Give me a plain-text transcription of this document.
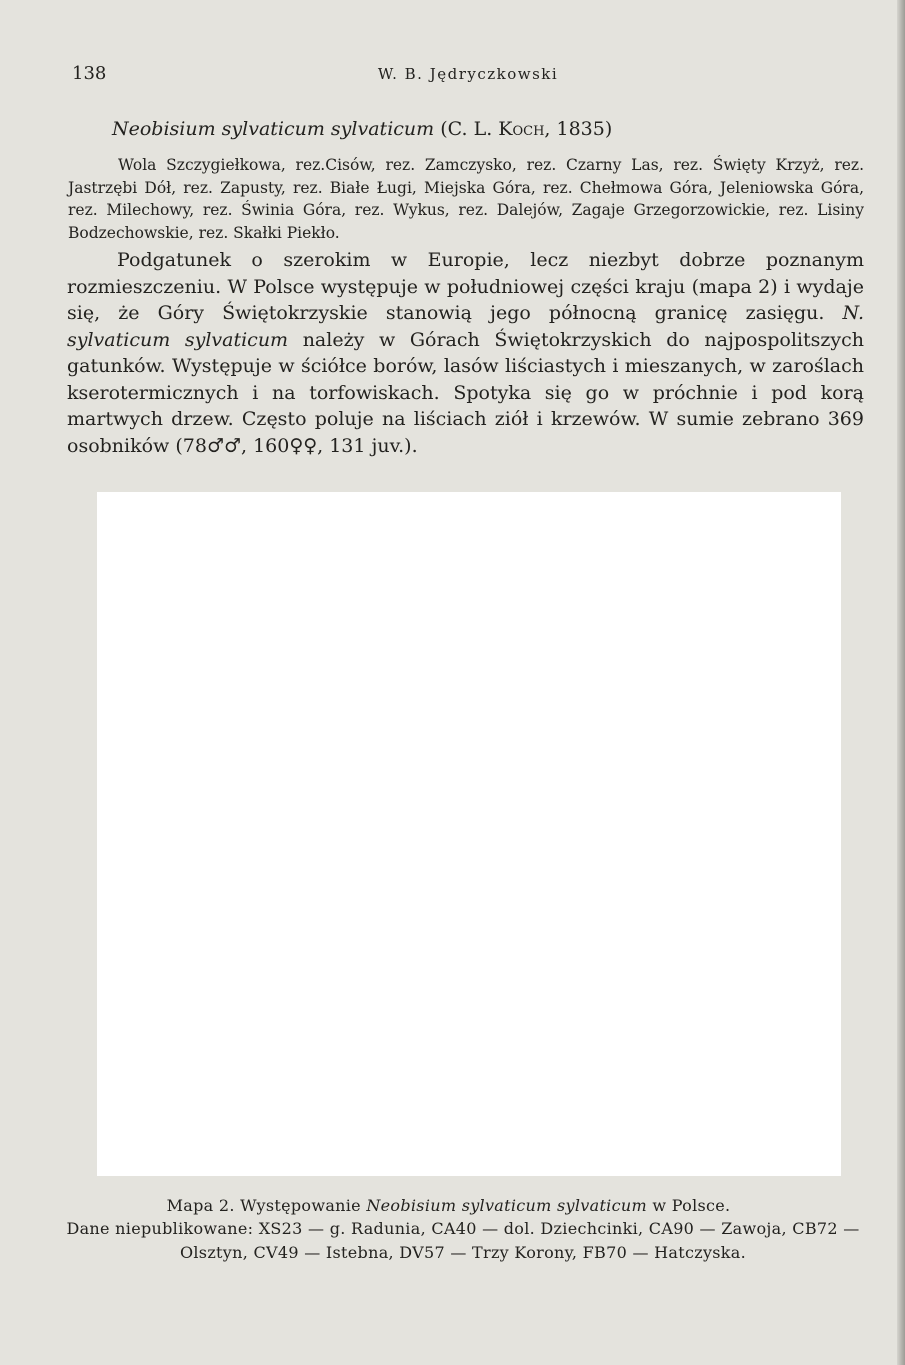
138	W. B. Jędryczkowski
Neobisium sylvaticum sylvaticum (C. L. Koch, 1835)

Wola Szczygiełkowa, rez.Cisów, rez. Zamczysko, rez. Czarny Las, rez. Święty Krzyż, rez. Jastrzębi Dół, rez. Zapusty, rez. Białe Ługi, Miejska Góra, rez. Chełmowa Góra, Jeleniowska Góra, rez. Milechowy, rez. Świnia Góra, rez. Wykus, rez. Dalejów, Zagaje Grzegorzowickie, rez. Lisiny Bodzechowskie, rez. Skałki Piekło.

Podgatunek o szerokim w Europie, lecz niezbyt dobrze poznanym rozmieszczeniu. W Polsce występuje w południowej części kraju (mapa 2) i wydaje się, że Góry Świętokrzyskie stanowią jego północną granicę zasięgu. N. sylvaticum sylvaticum należy w Górach Świętokrzyskich do najpospolitszych gatunków. Występuje w ściółce borów, lasów liściastych i mieszanych, w zaroślach kserotermicznych i na torfowiskach. Spotyka się go w próchnie i pod korą martwych drzew. Często poluje na liściach ziół i krzewów. W sumie zebrano 369 osobników (78♂♂, 160♀♀, 131 juv.).

Mapa 2. Występowanie Neobisium sylvaticum sylvaticum w Polsce.

Dane niepublikowane: XS23 — g. Radunia, CA40 — dol. Dziechcinki, CA90 — Zawoja, CB72 — Olsztyn, CV49 — Istebna, DV57 — Trzy Korony, FB70 — Hatczyska.
